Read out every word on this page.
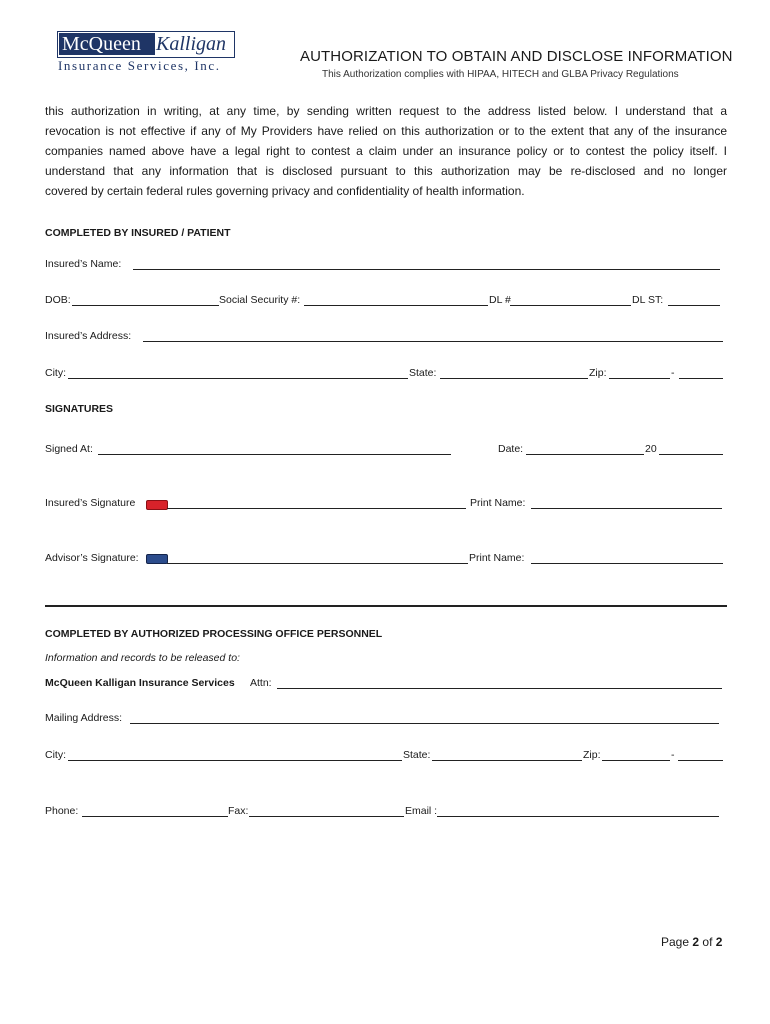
McQueen Kalligan
Insurance Services, Inc.
AUTHORIZATION TO OBTAIN AND DISCLOSE INFORMATION
This Authorization complies with HIPAA, HITECH and GLBA Privacy Regulations
this authorization in writing, at any time, by sending written request to the address listed below. I understand that a
revocation is not effective if any of My Providers have relied on this authorization or to the extent that any of the insurance
companies named above have a legal right to contest a claim under an insurance policy or to contest the policy itself. I
understand that any information that is disclosed pursuant to this authorization may be re-disclosed and no longer
covered by certain federal rules governing privacy and confidentiality of health information.
COMPLETED BY INSURED / PATIENT
Insured’s Name:
DOB:	Social Security #:	DL #	DL ST:
Insured’s Address:
City:	State:	Zip:	-
SIGNATURES
Signed At:	Date:	20
Insured’s Signature	Print Name:
Advisor’s Signature:	Print Name:
COMPLETED BY AUTHORIZED PROCESSING OFFICE PERSONNEL
Information and records to be released to:
McQueen Kalligan Insurance Services Attn:
Mailing Address:
City:	State:	Zip:	-
Phone:	Fax:	Email :
Page 2 of 2
